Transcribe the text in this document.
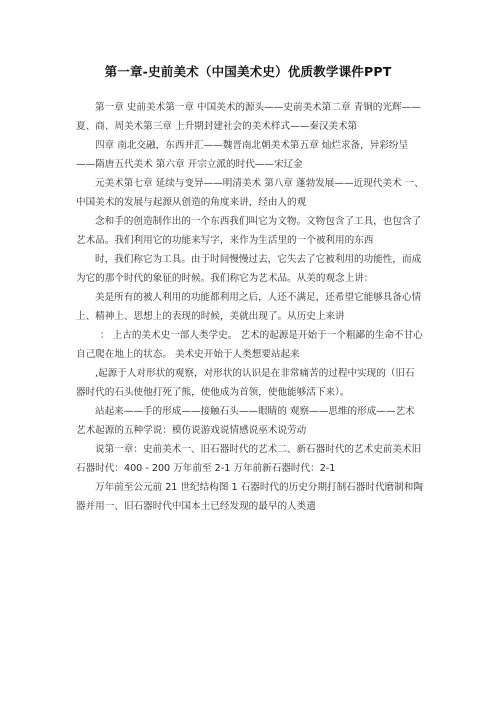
第一章-史前美术（中国美术史）优质教学课件PPT

第一章 史前美术第一章 中国美术的源头——史前美术第二章 青铜的光辉——夏、商、周美术第三章 上升期封建社会的美术样式——秦汉美术第

四章 南北交融，东西并汇——魏晋南北朝美术第五章 灿烂求备，异彩纷呈——隋唐五代美术 第六章 开宗立派的时代——宋辽金

元美术第七章 延续与变异——明清美术 第八章 蓬勃发展——近现代美术 一、中国美术的发展与起源从创造的角度来讲，经由人的观

念和手的创造制作出的一个东西我们叫它为文物。文物包含了工具，也包含了艺术品。我们利用它的功能来写字，来作为生活里的一个被利用的东西

时，我们称它为工具。由于时间慢慢过去，它失去了它被利用的功能性，而成为它的那个时代的象征的时候。我们称它为艺术品。从美的观念上讲：

美是所有的被人利用的功能都利用之后，人还不满足，还希望它能够具备心情上、精神上、思想上的表现的时候，美就出现了。从历史上来讲

： 上古的美术史一部人类学史。 艺术的起源是开始于一个粗鄙的生命不甘心自己爬在地上的状态。 美术史开始于人类想要站起来

,起源于人对形状的观察，对形状的认识是在非常痛苦的过程中实现的（旧石器时代的石头使他打死了熊，使他成为首领，使他能够活下来）。

站起来——手的形成——接触石头——眼睛的 观察——思维的形成——艺术艺术起源的五种学说：模仿说游戏说情感说巫术说劳动

说第一章：史前美术一、旧石器时代的艺术二、新石器时代的艺术史前美术旧石器时代：400 - 200 万年前至 2-1 万年前新石器时代：2-1

万年前至公元前 21 世纪结构图 1 石器时代的历史分期打制石器时代磨制和陶器并用一、旧石器时代中国本土已经发现的最早的人类遗
